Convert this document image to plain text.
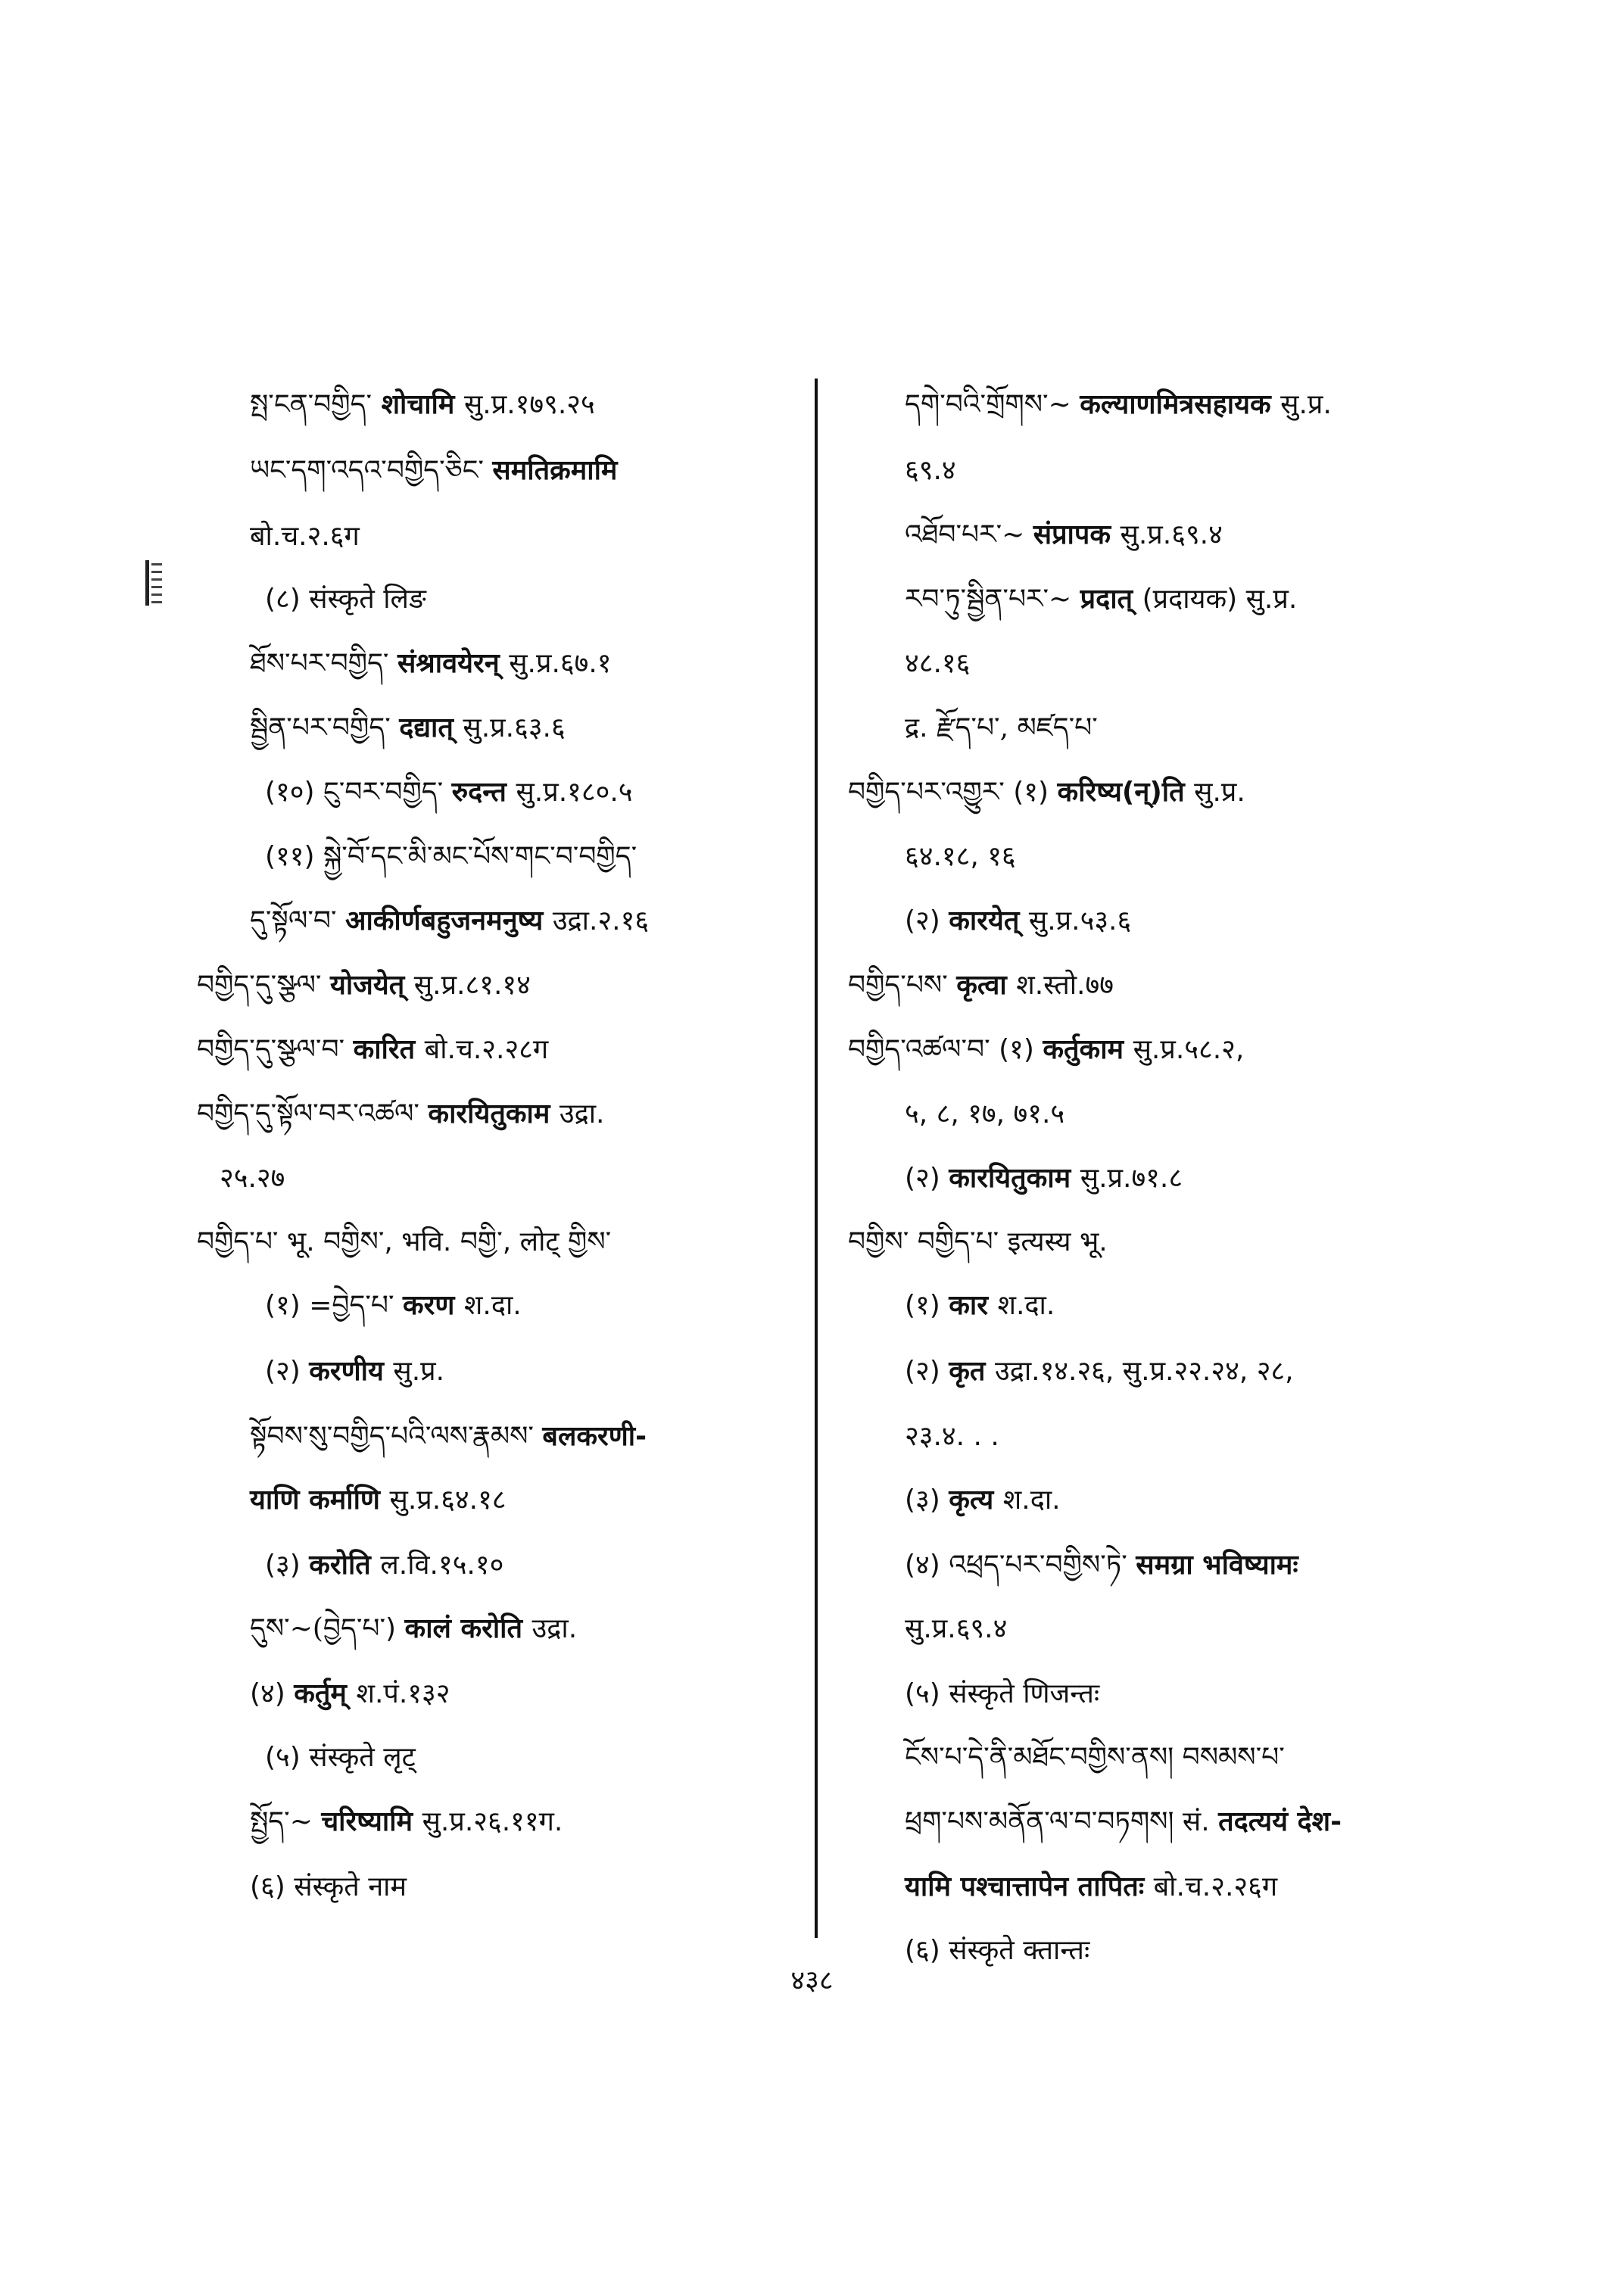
སྤ་ངན་བགྱིད་ शोचामि सु.प्र.१७९.२५
ཡང་དག་འདའ་བགྱིད་ཅིང་ समतिक्रमामि
बो.च.२.६ग
(८) संस्कृते लिङ
ཐོས་པར་བགྱིད་ संश्रावयेरन् सु.प्र.६७.१
སྦྱིན་པར་བགྱིད་ दद्यात् सु.प्र.६३.६
(१०) ངུ་བར་བགྱིད་ रुदन्त सु.प्र.१८०.५
(११) སྐྱེ་བོ་དང་མི་མང་པོས་གང་བ་བགྱིད་
དུ་སྟོལ་བ་ आकीर्णबहुजनमनुष्य उद्रा.२.१६
བགྱིད་དུ་སྩལ་ योजयेत् सु.प्र.८१.१४
བགྱིད་དུ་སྩལ་བ་ कारित बो.च.२.२८ग
བགྱིད་དུ་སྟོལ་བར་འཚལ་ कारयितुकाम उद्रा.
२५.२७
བགྱིད་པ་ भू. བགྱིས་, भवि. བགྱི་, लोट् གྱིས་
(१) =བྱེད་པ་ करण श.दा.
(२) करणीय सु.प्र.
སྟོབས་སུ་བགྱིད་པའི་ལས་རྣམས་ बलकरणी-
याणि कर्माणि सु.प्र.६४.१८
(३) करोति ल.वि.१५.१०
དུས་~(བྱེད་པ་) कालं करोति उद्रा.
(४) कर्तुम् श.पं.१३२
(५) संस्कृते लृट्
སྤྱོད་~ चरिष्यामि सु.प्र.२६.११ग.
(६) संस्कृते नाम
དགེ་བའི་གྲོགས་~ कल्याणमित्रसहायक सु.प्र.
६९.४
འཐོབ་པར་~ संप्रापक सु.प्र.६९.४
རབ་ཏུ་སྦྱིན་པར་~ प्रदात् (प्रदायक) सु.प्र.
४८.१६
द्र. རྫོད་པ་, མཛད་པ་
བགྱིད་པར་འགྱུར་ (१) करिष्य(न्)ति सु.प्र.
६४.१८, १६
(२) कारयेत् सु.प्र.५३.६
བགྱིད་པས་ कृत्वा श.स्तो.७७
བགྱིད་འཚལ་བ་ (१) कर्तुकाम सु.प्र.५८.२,
५, ८, १७, ७१.५
(२) कारयितुकाम सु.प्र.७१.८
བགྱིས་ བགྱིད་པ་ इत्यस्य भू.
(१) कार श.दा.
(२) कृत उद्रा.१४.२६, सु.प्र.२२.२४, २८,
२३.४. . .
(३) कृत्य श.दा.
(४) འཕྲད་པར་བགྱིས་ཏེ་ समग्रा भविष्यामः
सु.प्र.६९.४
(५) संस्कृते णिजन्तः
ངོས་པ་དེ་ནི་མཐོང་བགྱིས་ནས། བསམས་པ་
ཕྲག་པས་མནོན་ལ་བ་བཏགས། सं. तदत्ययं देश-
यामि पश्चात्तापेन तापितः बो.च.२.२६ग
(६) संस्कृते क्तान्तः
४३८
